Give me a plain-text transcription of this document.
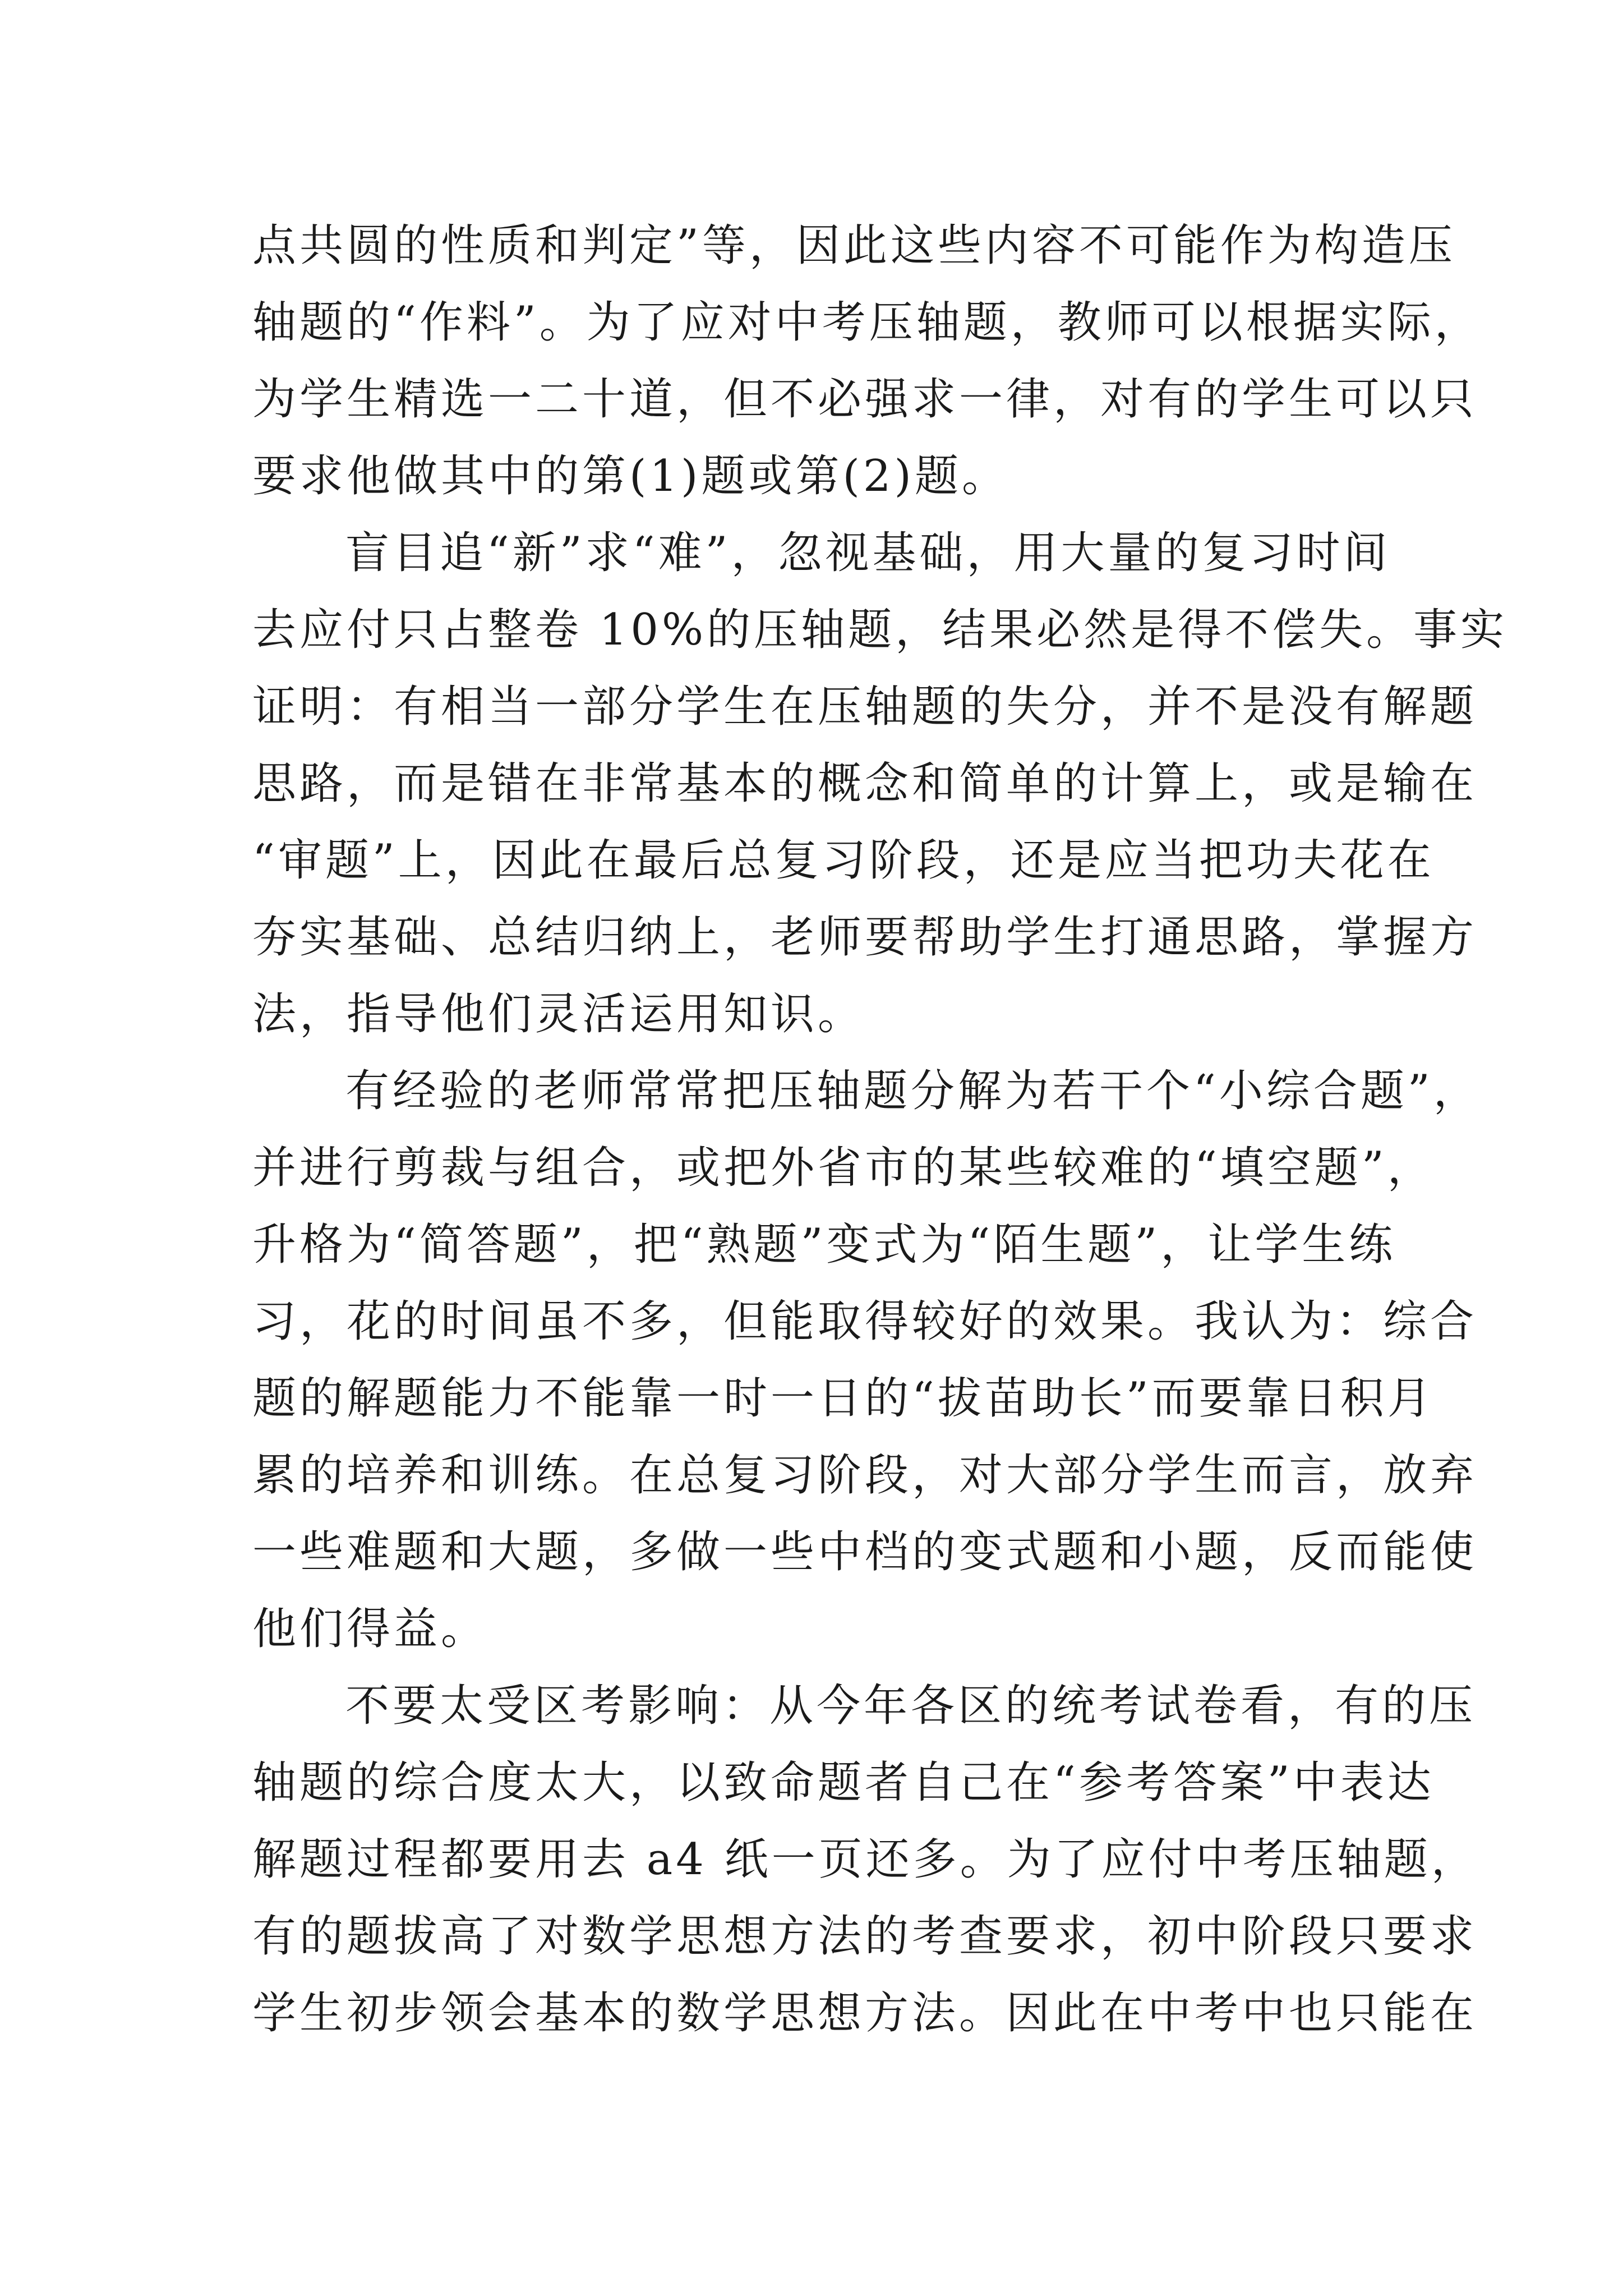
点共圆的性质和判定”等，因此这些内容不可能作为构造压
轴题的“作料”。为了应对中考压轴题，教师可以根据实际，
为学生精选一二十道，但不必强求一律，对有的学生可以只
要求他做其中的第(1)题或第(2)题。
盲目追“新”求“难”，忽视基础，用大量的复习时间
去应付只占整卷 10%的压轴题，结果必然是得不偿失。事实
证明：有相当一部分学生在压轴题的失分，并不是没有解题
思路，而是错在非常基本的概念和简单的计算上，或是输在
“审题”上，因此在最后总复习阶段，还是应当把功夫花在
夯实基础、总结归纳上，老师要帮助学生打通思路，掌握方
法，指导他们灵活运用知识。
有经验的老师常常把压轴题分解为若干个“小综合题”，
并进行剪裁与组合，或把外省市的某些较难的“填空题”，
升格为“简答题”，把“熟题”变式为“陌生题”，让学生练
习，花的时间虽不多，但能取得较好的效果。我认为：综合
题的解题能力不能靠一时一日的“拔苗助长”而要靠日积月
累的培养和训练。在总复习阶段，对大部分学生而言，放弃
一些难题和大题，多做一些中档的变式题和小题，反而能使
他们得益。
不要太受区考影响：从今年各区的统考试卷看，有的压
轴题的综合度太大，以致命题者自己在“参考答案”中表达
解题过程都要用去 a4 纸一页还多。为了应付中考压轴题，
有的题拔高了对数学思想方法的考查要求，初中阶段只要求
学生初步领会基本的数学思想方法。因此在中考中也只能在
